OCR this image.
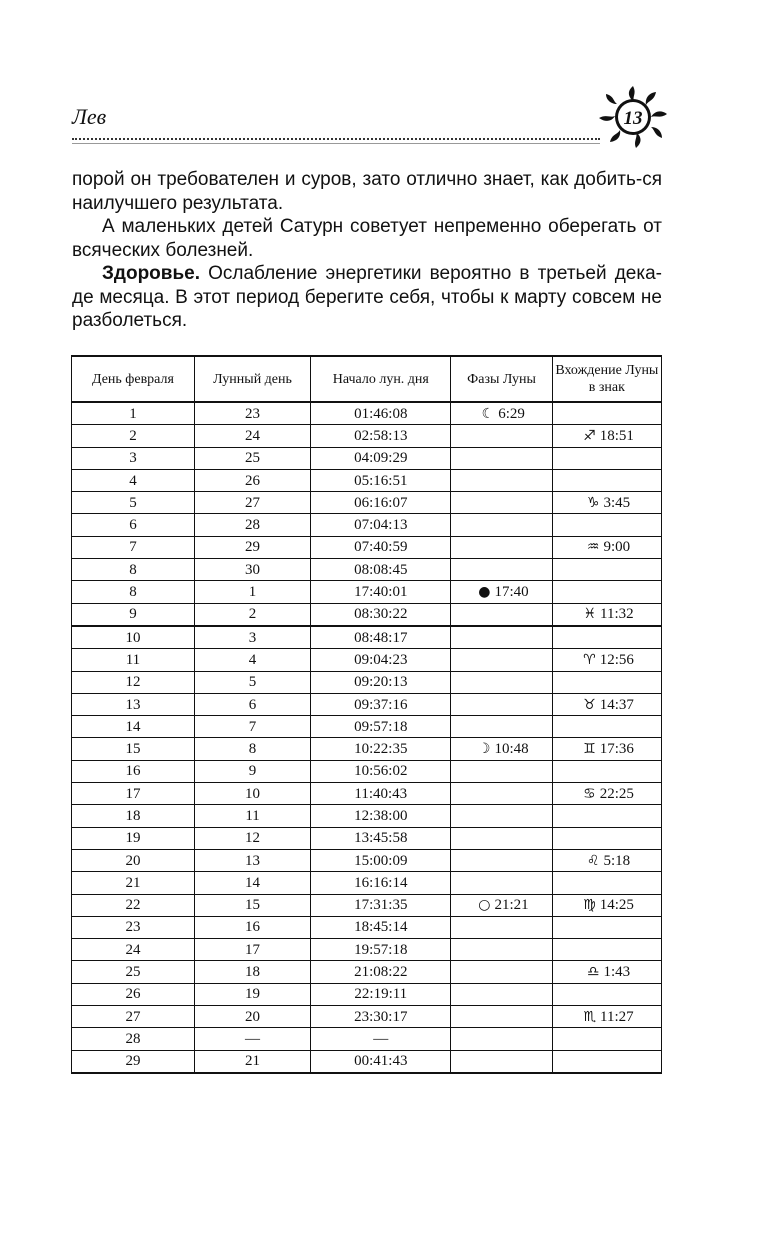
Лев	13

порой он требователен и суров, зато отлично знает, как добить-ся наилучшего результата.

А маленьких детей Сатурн советует непременно оберегать от всяческих болезней.

Здоровье. Ослабление энергетики вероятно в третьей дека-де месяца. В этот период берегите себя, чтобы к марту совсем не разболеться.

День февраля	Лунный день	Начало лун. дня	Фазы Луны	Вхождение Луны в знак
1	23	01:46:08	☾ 6:29	
2	24	02:58:13		♐ 18:51
3	25	04:09:29		
4	26	05:16:51		
5	27	06:16:07		♑ 3:45
6	28	07:04:13		
7	29	07:40:59		♒ 9:00
8	30	08:08:45		
8	1	17:40:01	● 17:40	
9	2	08:30:22		♓ 11:32
10	3	08:48:17		
11	4	09:04:23		♈ 12:56
12	5	09:20:13		
13	6	09:37:16		♉ 14:37
14	7	09:57:18		
15	8	10:22:35	☽ 10:48	♊ 17:36
16	9	10:56:02		
17	10	11:40:43		♋ 22:25
18	11	12:38:00		
19	12	13:45:58		
20	13	15:00:09		♌ 5:18
21	14	16:16:14		
22	15	17:31:35	○ 21:21	♍ 14:25
23	16	18:45:14		
24	17	19:57:18		
25	18	21:08:22		♎ 1:43
26	19	22:19:11		
27	20	23:30:17		♏ 11:27
28	—	—		
29	21	00:41:43		
